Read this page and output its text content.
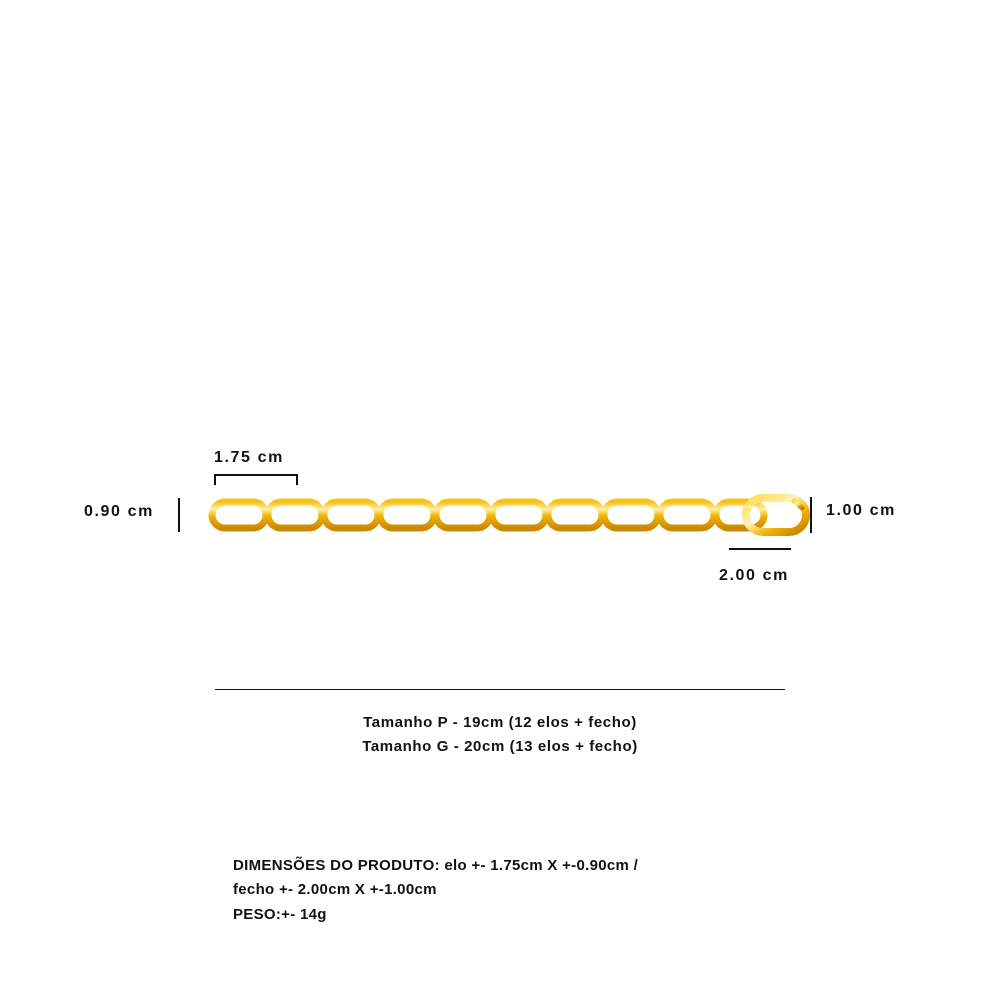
1.75 cm
0.90 cm	1.00 cm
2.00 cm
Tamanho P - 19cm (12 elos + fecho)
Tamanho G - 20cm (13 elos + fecho)
DIMENSÕES DO PRODUTO: elo +- 1.75cm X +-0.90cm /
fecho +- 2.00cm X +-1.00cm
PESO:+- 14g
